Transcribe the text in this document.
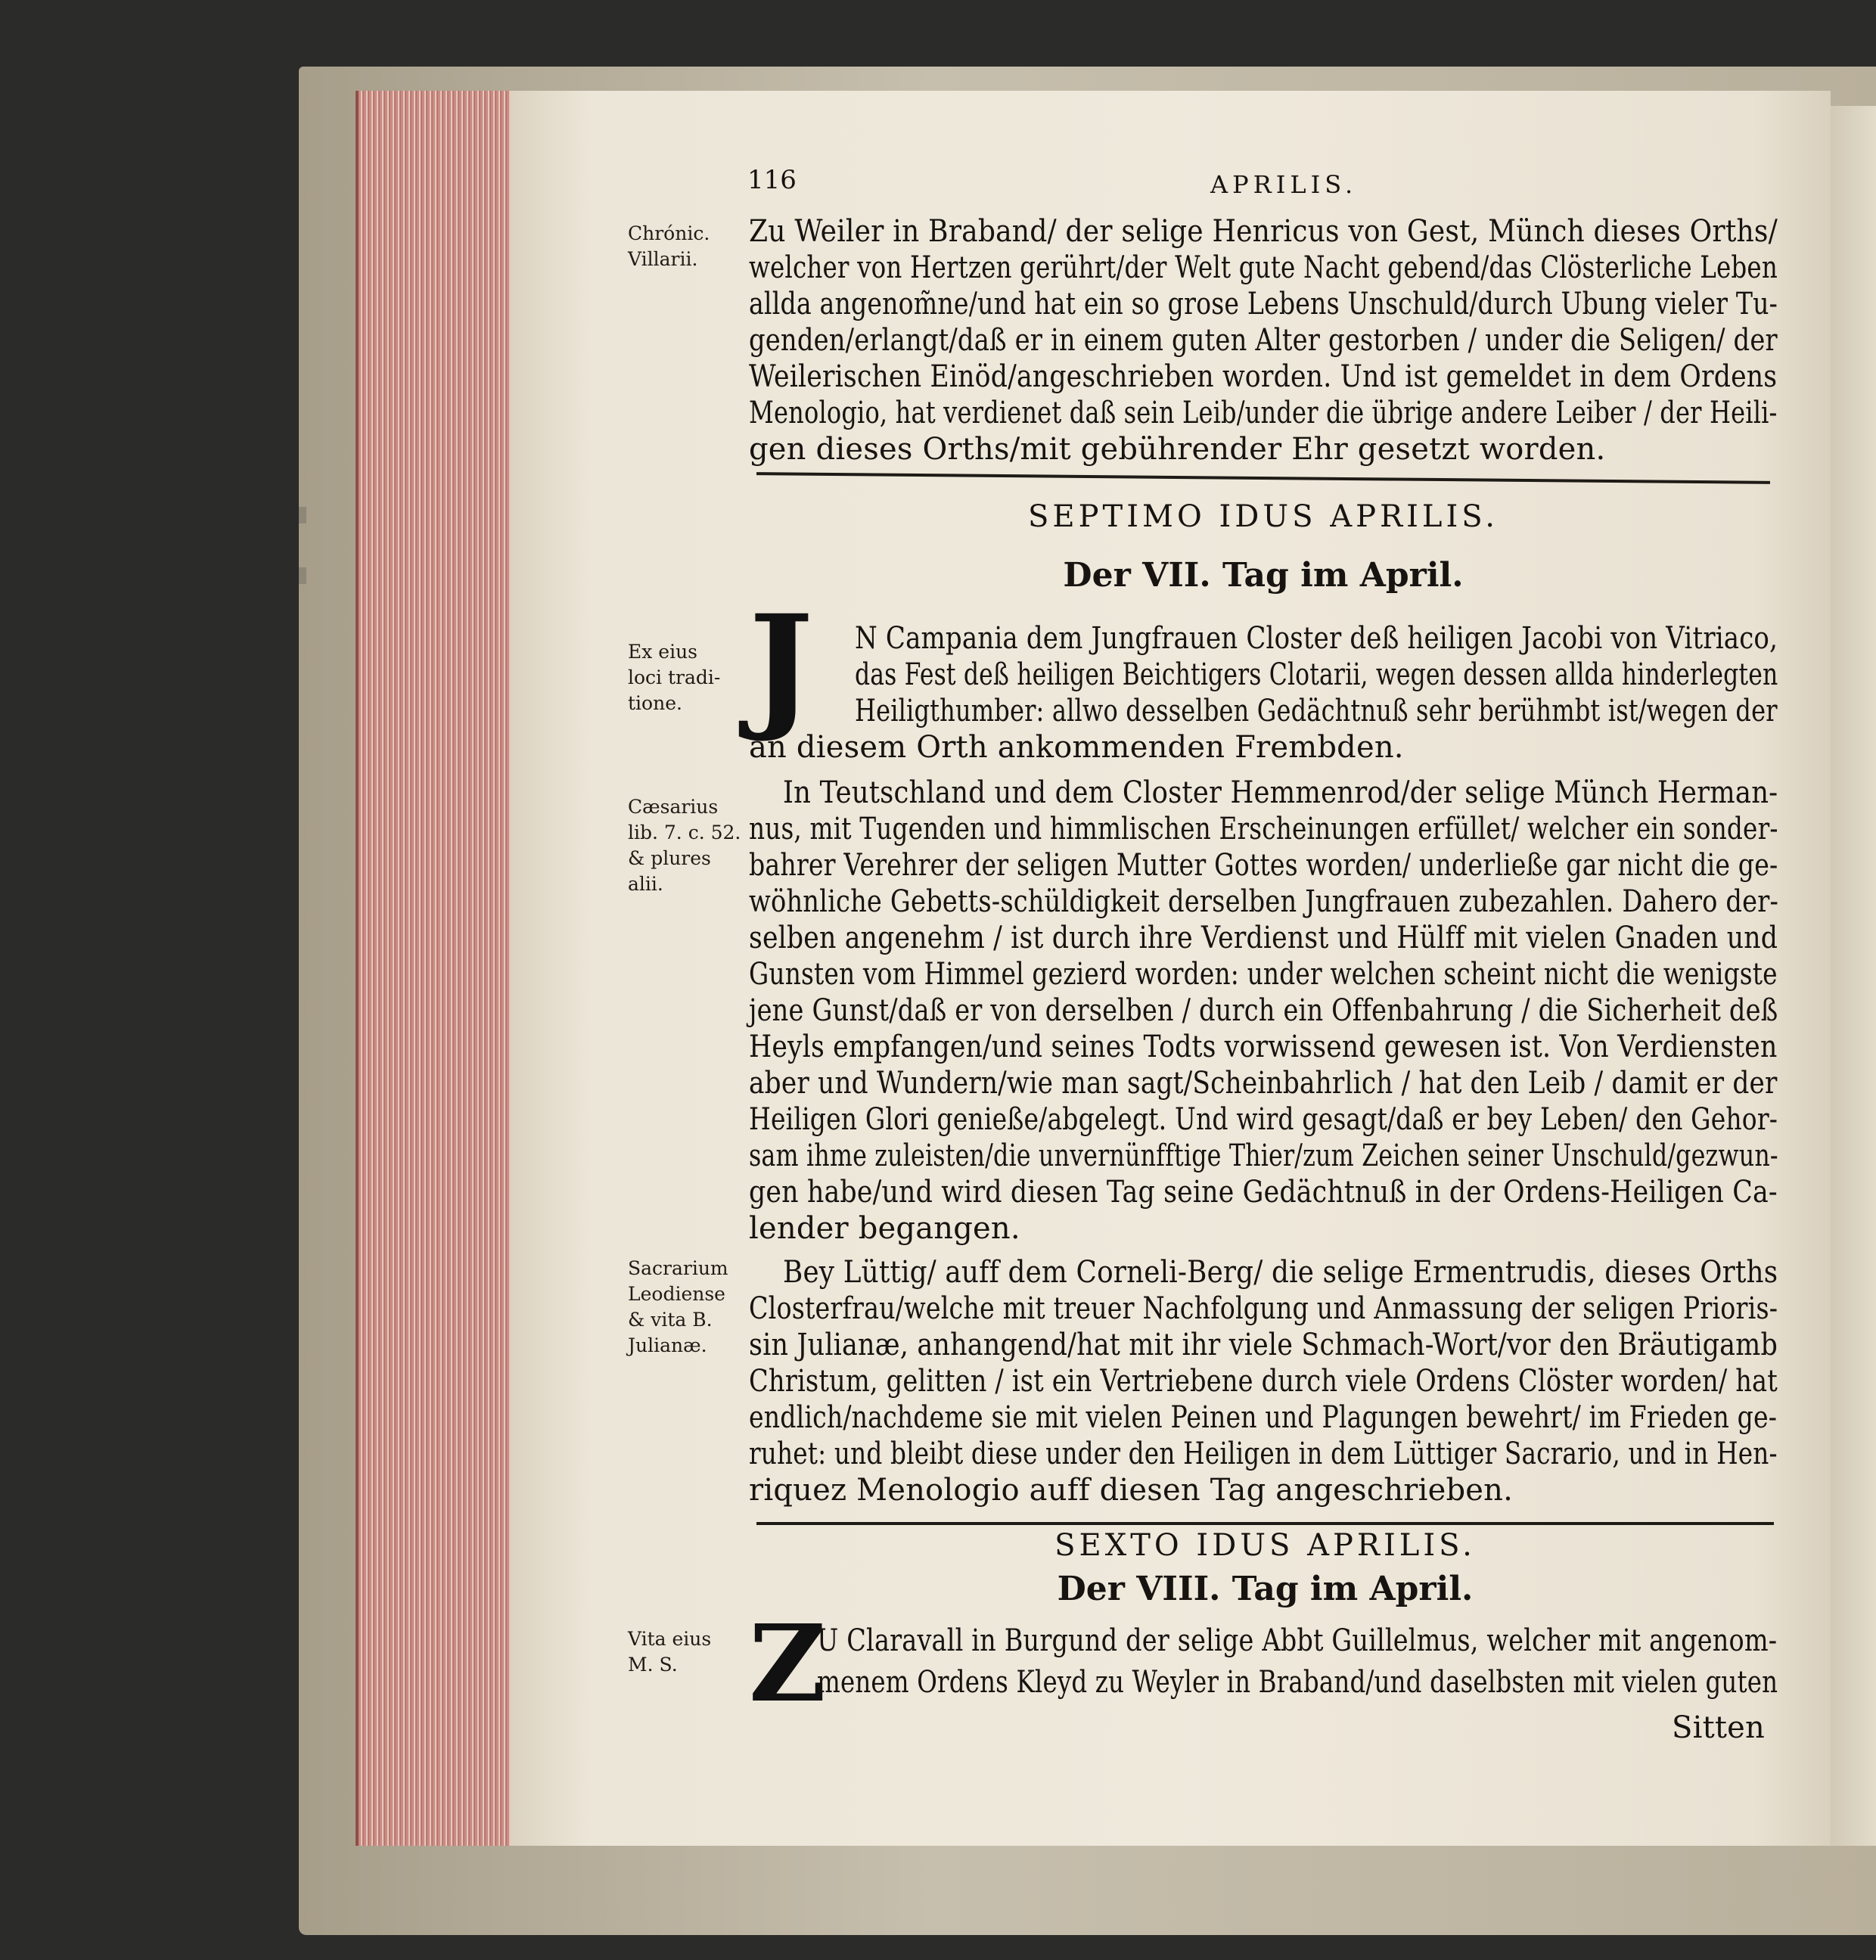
116	APRILIS.
Chrónic.
Villarii.
Zu Weiler in Braband/ der selige Henricus von Gest, Münch dieses Orths/
welcher von Hertzen gerührt/der Welt gute Nacht gebend/das Clösterliche Leben
allda angenom̃ne/und hat ein so grose Lebens Unschuld/durch Ubung vieler Tu-
genden/erlangt/daß er in einem guten Alter gestorben / under die Seligen/ der
Weilerischen Einöd/angeschrieben worden. Und ist gemeldet in dem Ordens
Menologio, hat verdienet daß sein Leib/under die übrige andere Leiber / der Heili-
gen dieses Orths/mit gebührender Ehr gesetzt worden.
SEPTIMO IDUS APRILIS.
Der VII. Tag im April.
J
Ex eius
loci tradi-
tione.
N Campania dem Jungfrauen Closter deß heiligen Jacobi von Vitriaco,
das Fest deß heiligen Beichtigers Clotarii, wegen dessen allda hinderlegten
Heiligthumber: allwo desselben Gedächtnuß sehr berühmbt ist/wegen der
an diesem Orth ankommenden Frembden.
Cæsarius
lib. 7. c. 52.
& plures
alii.
In Teutschland und dem Closter Hemmenrod/der selige Münch Herman-
nus, mit Tugenden und himmlischen Erscheinungen erfüllet/ welcher ein sonder-
bahrer Verehrer der seligen Mutter Gottes worden/ underließe gar nicht die ge-
wöhnliche Gebetts-schüldigkeit derselben Jungfrauen zubezahlen. Dahero der-
selben angenehm / ist durch ihre Verdienst und Hülff mit vielen Gnaden und
Gunsten vom Himmel gezierd worden: under welchen scheint nicht die wenigste
jene Gunst/daß er von derselben / durch ein Offenbahrung / die Sicherheit deß
Heyls empfangen/und seines Todts vorwissend gewesen ist. Von Verdiensten
aber und Wundern/wie man sagt/Scheinbahrlich / hat den Leib / damit er der
Heiligen Glori genieße/abgelegt. Und wird gesagt/daß er bey Leben/ den Gehor-
sam ihme zuleisten/die unvernünfftige Thier/zum Zeichen seiner Unschuld/gezwun-
gen habe/und wird diesen Tag seine Gedächtnuß in der Ordens-Heiligen Ca-
lender begangen.
Sacrarium
Leodiense
& vita B.
Julianæ.
Bey Lüttig/ auff dem Corneli-Berg/ die selige Ermentrudis, dieses Orths
Closterfrau/welche mit treuer Nachfolgung und Anmassung der seligen Prioris-
sin Julianæ, anhangend/hat mit ihr viele Schmach-Wort/vor den Bräutigamb
Christum, gelitten / ist ein Vertriebene durch viele Ordens Clöster worden/ hat
endlich/nachdeme sie mit vielen Peinen und Plagungen bewehrt/ im Frieden ge-
ruhet: und bleibt diese under den Heiligen in dem Lüttiger Sacrario, und in Hen-
riquez Menologio auff diesen Tag angeschrieben.
SEXTO IDUS APRILIS.
Der VIII. Tag im April.
Z
Vita eius
M. S.
U Claravall in Burgund der selige Abbt Guillelmus, welcher mit angenom-
menem Ordens Kleyd zu Weyler in Braband/und daselbsten mit vielen guten
Sitten
